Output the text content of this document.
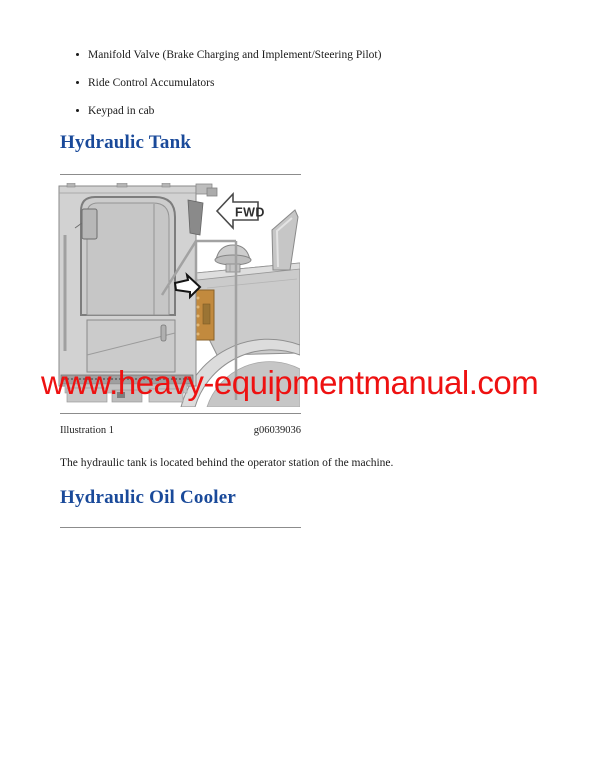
Manifold Valve (Brake Charging and Implement/Steering Pilot)
Ride Control Accumulators
Keypad in cab
Hydraulic Tank
FWD
Illustration 1	g06039036

The hydraulic tank is located behind the operator station of the machine.

Hydraulic Oil Cooler
www.heavy-equipmentmanual.com
